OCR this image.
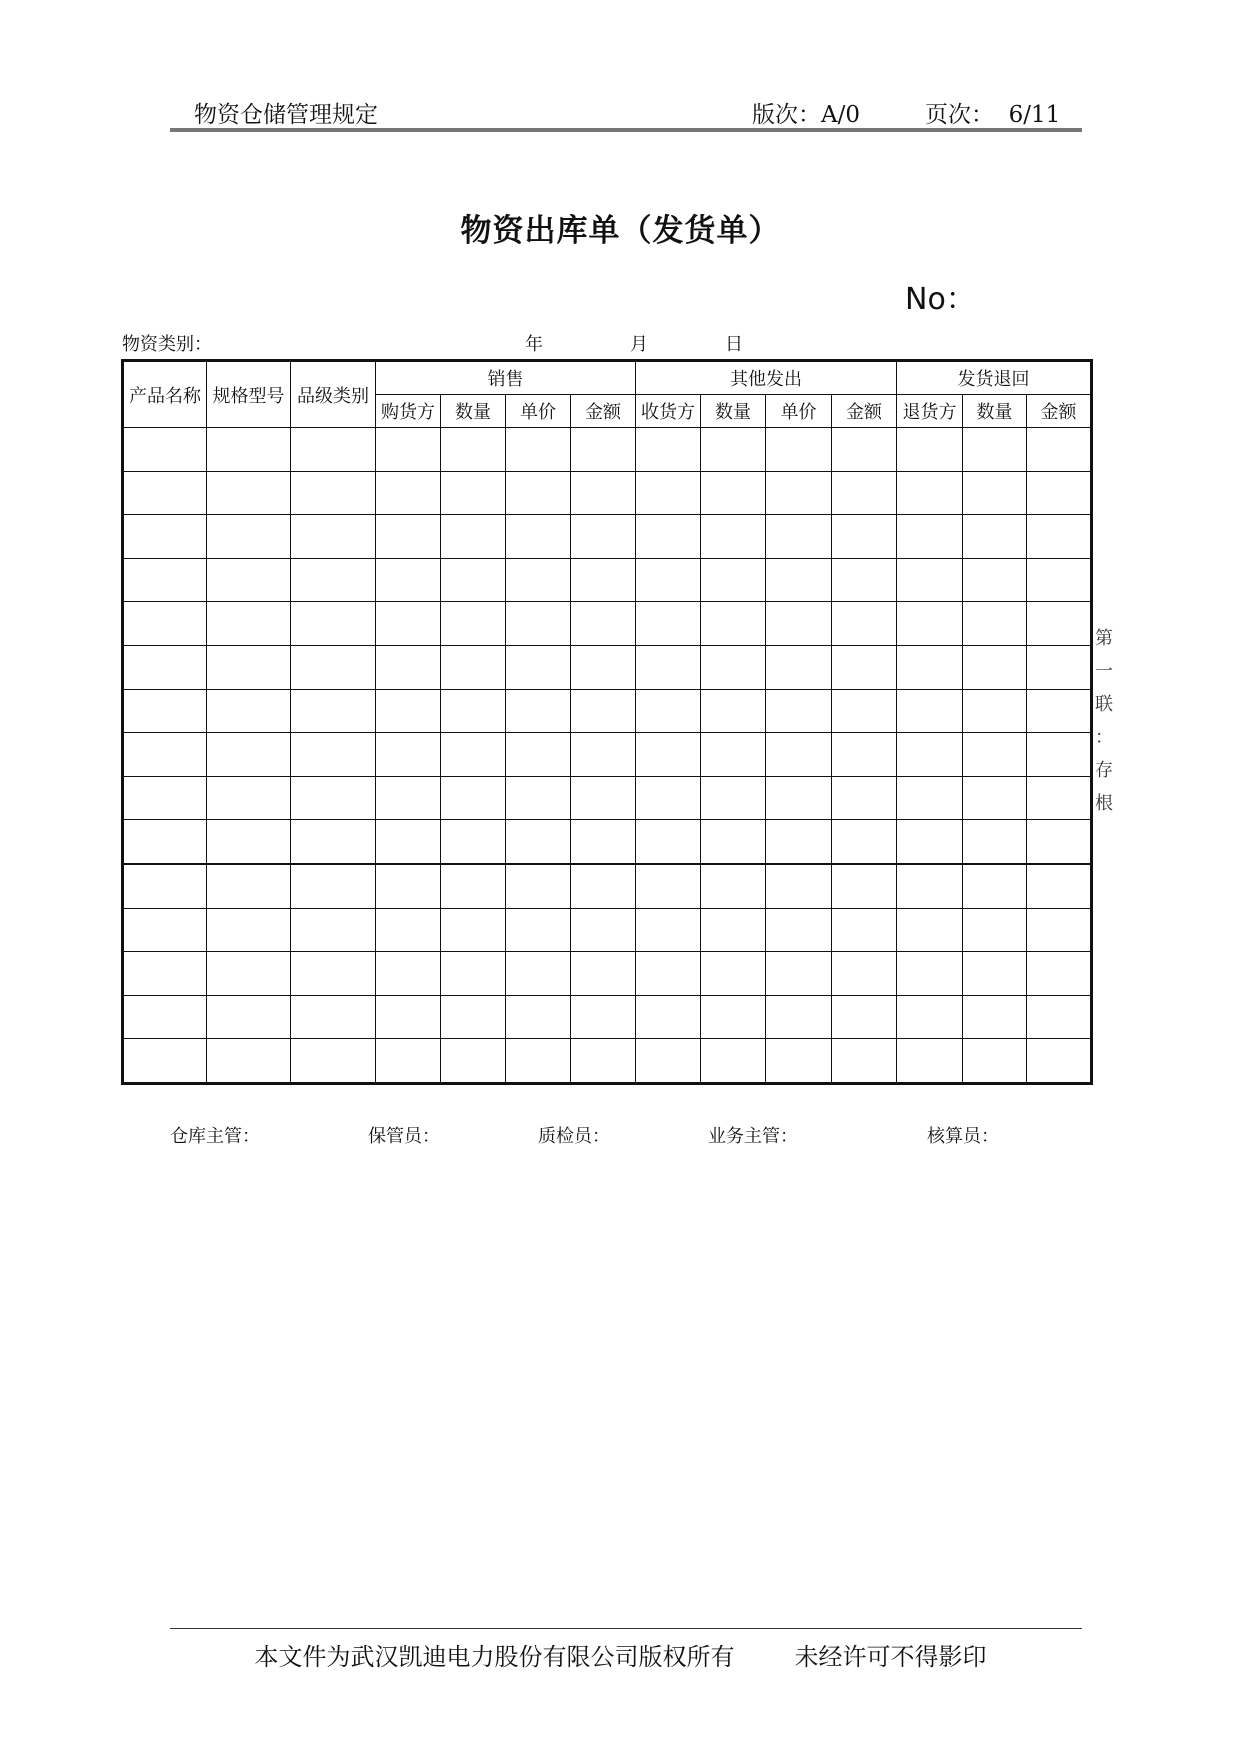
物资仓储管理规定	版次：A/0	页次： 6/11
物资出库单（发货单）
No：
物资类别：	年	月	日
产品名称	规格型号	品级类别	销售				其他发出				发货退回		
			购货方	数量	单价	金额	收货方	数量	单价	金额	退货方	数量	金额

第
一
联
：
存
根
仓库主管：	保管员：	质检员：	业务主管：	核算员：
本文件为武汉凯迪电力股份有限公司版权所有	未经许可不得影印
